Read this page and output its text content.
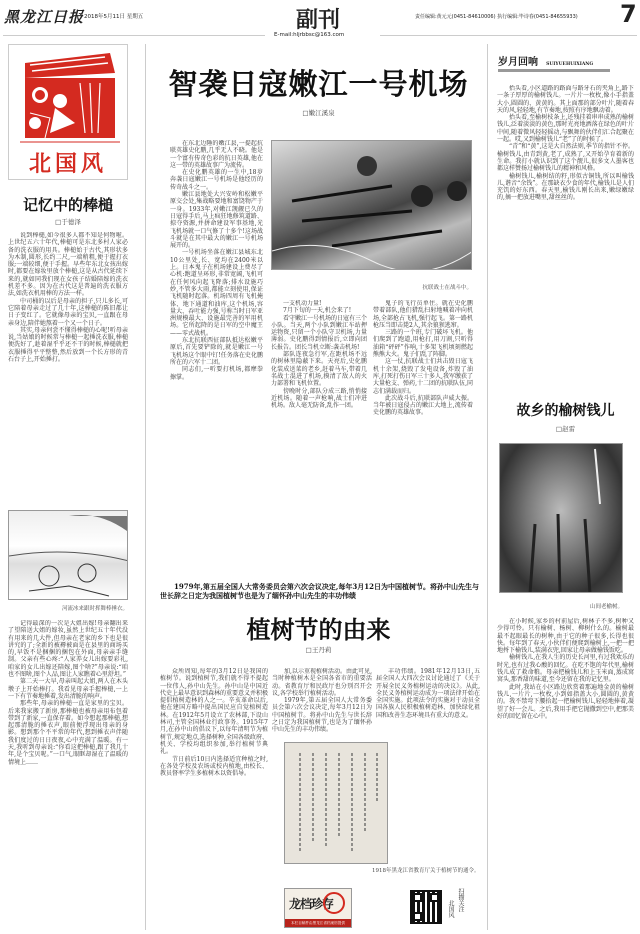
黑龙江日报 2018年5月11日 星期五	副刊
E-mail:hljrbbsc@163.com
责任编辑:黄元元(0451-84610006) 执行编辑:毕诗春(0451-84655933) 7
北国风
记忆中的棒槌
□于德泽

说到棒槌,如今很多人都不知是何物啦。上世纪五六十年代,棒槌可是东北多村人家必备的洗衣服的用具。棒槌始于古代,其形状多为木制,圆形,长约二尺,一端稍粗,便于握打衣服;一端较细,便于手握。早些年东北女孩出嫁时,都要在嫁妆里放个棒槌,这是从古代延续下来的,就如同我们现在女孩子结婚陪嫁的洗衣机差不多。因为在古代这是普遍的洗衣服方法,如洗衣机用棒的方法一样。

中司桶的以后是母亲的担子,只儿多长,可它陪着母亲走过了几十年,这棒槌的陈旧都让日子变红了。它就像母亲的宝贝,一直跟在母亲身边,陪伴她熬着一个又一个日子。

其实,母亲何尝不懂得棒槌的心呢!听母亲说,当姑娘的时候常与棒槌一起捶洗衣服,棒槌便洗好了,趁着湿乎乎还不干的时候,棒槌就把衣服捶得平平整整,然后放到一个长方形的青石台子上,开始捶打。

河流冰来跟时挥舞棒捶衣。

记得最深的一次是大姐出嫁!母亲翻出来了望陪送大姐的嫁妆,虽然上世纪五十年代没有用来的几大件,但母亲在老家的乡下也是很讲究的了;全新的被褥被面是在县里的商场买的,早饭不是捆捆的捆包在外面,母亲亲手缝制。父亲有些心疼:“人家养女儿出嫁要彩礼,咱家的女儿出嫁还陪嫁,图个啥?”母亲说:“咱也不图啥,图个人品,图让人家瞧着心里舒坦。”

第二天一大早,母亲叫起大姐,两人在木头墩子上开始棒打。我看见母亲手握棒槌,一上一下有节奏地捶着,发出清脆的响声。

那些年,母亲的棒槌一直是家里的宝贝。后来我家搬了新房,那棒槌也被母亲用布包着带到了新家,一直保存着。如今想起那棒槌,想起那清脆的捶衣声,眼前便浮现出母亲的身影。想到那个不平常的年代,想到捶衣声伴随我们度过的日日夜夜,心中充满了温暖。有一天,我听到母亲说:“你看这把棒槌,跟了我几十年,是个宝贝呢。”一口气,眼眶却湿在了温暖的情境上……

智袭日寇嫩江一号机场
□嫩江溪泉

在东北边陲的嫩江县,一提起抗联英雄史化鹏,几乎无人不晓。他是一个富有传奇色彩的抗日英雄,他在这一带的英雄故事广为流传。

在史化鹏英雄的一生中,18岁奔袭日寇嫩江一号机场是他经历的传奇战斗之一。

嫩江县地处大兴安岭和松嫩平原交会处,集战略要地和富饶物产于一身。1933年,对嫩江觊觎已久的日寇得手后,马上疯狂地修筑道路、掠夺资源,并拼命建设军事基地,光飞机场就一口气修了十多个!这场战斗就是在其中最大的嫩江一号机场展开的。

一号机场坐落在嫩江县城东北10公里处,长、宽均在2400米以上。日本鬼子在机场建设上费尽了心机:跑道呈环形,非常宽阔,飞机可在任何风向起飞降落;排水设施巧妙,不管多大雨,都能立刻使用,保证飞机随时起落。机场四周有飞机掩体、地下通道和油库,这个机场,容量大、吞吐能力强,号称当时日军亚洲规模最大、设施最完善的军用机场。它所起降的是日军的空中魔王——零式战机。

东北抗联西征部队抵达松嫩平原后,首先要铲除的,就是嫩江一号飞机场这个眼中钉!任务落在史化鹏所在的六军十二团。

同志们,一听要打机场,都摩拳擦掌。

抗联战士在战斗中。

一支机动力量!

7月下旬的一天,机会来了!

看守嫩江一号机场的日寇有三个小队。当天,两个小队到嫩江车站押运物资,只留一个小队守卫机场,力量薄弱。史化鹏得到情报后,立即向团长报告。团长当机立断:袭击机场!

部队连夜急行军,在距机场不远的树林里隐蔽下来。天亮后,史化鹏化装成送菜的老乡,赶着马车,带着几名战士混进了机场,摸清了敌人的火力部署和飞机位置。

傍晚时分,部队分成三路,悄悄接近机场。随着一声枪响,战士们冲进机场。敌人毫无防备,乱作一团。

鬼子的飞行员单住。就在史化鹏带着部队,他们猎乱扫射地喊着冲向机场,全部抢占飞机,强行起飞。第一路机枪压当即击毙2人,其余狼狈逃窜。

三路的一个班,专门破坏飞机。他们爬到了跑道,用枪打,用刀割,只听得油箱“砰砰”作响,十多架飞机顷刻燃起熊熊大火。鬼子们乱了阵脚。

这一仗,抗联战士们共击毁日寇飞机十余架,烧毁了发电设备,炸毁了油库,打死打伤日军三十多人,我军缴获了大量枪支、弹药,十二团的抗联队伍,同志们满载而归。

此次战斗后,抗联部队声威大振。当年被日寇侵占的嫩江大地上,流传着史化鹏的英雄故事。

1979年,第五届全国人大常务委员会第六次会议决定,每年3月12日为中国植树节。将孙中山先生与世长辞之日定为我国植树节也是为了缅怀孙中山先生的丰功伟绩
植树节的由来
□王丹莉

众所周知,每年的3月12日是我国的植树节。说到植树节,我们就不得不提起一位伟人,孙中山先生。孙中山是中国近代史上最早意识到森林的重要意义并积极提倡植树造林的人之一。辛亥革命以后,他在建国方略中提出国民应自觉植树造林。在1912年5月设立了农林部,下设山林司,主管全国林业行政事务。1915年7月,在孙中山的倡议下,以每年清明节为植树节,规定地点,选择树种,全国各级政府、机关、学校均组织参加,举行植树节典礼。

节日前后10日内选择适宜种植之时,在各处学校及农场或校内植地,由校长、教员督率学生多植树木以资倡导。

加,以示重视植树活动。由此可见,当时种植树木是全国各省市的重要活动。省教育厅和民政厅也分别召开会议,各学校举行植树活动。

1979年,第五届全国人大常务委员会第六次会议决定,每年3月12日为中国植树节。将孙中山先生与世长辞之日定为我国植树节,也是为了缅怀孙中山先生的丰功伟绩。

丰功伟绩。1981年12月13日,五届全国人大四次会议讨论通过了《关于开展全民义务植树运动的决议》。从此,全民义务植树运动成为一项法律开始在全国实施。此项法令的实施对于动员全国各族人民积极植树造林、加快绿化祖国和改善生态环境具有重大的意义。

1918年黑龙江省教育厅关于植树节的通令。
龙档珍存
本栏目稿件由黑龙江省档案馆提供
扫描关注
北国风
岁月回响 SUIYUEHUIXIANG

抬头看,小区道路的路面与路牙石的夹角上,路下一条子厚厚的榆树钱儿。一片片一枚枚,像小手指盖大小,圆圆的、黄黄的。其上面那的部分叶片,随着春天的风,轻轻地,有节奏地,按照有序地飘动着。

抬头看,至榆树枝条上,还残挂着串串成熟的榆树钱儿,泛着淡淡的黄色,那时光亮地洒落在绿色的叶片中间,随着微风轻轻摇动,与飘舞的伙伴们汇合起聚在一起。哎,又到榆树钱儿“老”了的时候了。

“青”和“黄”,这是大自然法则,季节的指针不停。榆树钱儿,由青到黄,老了,成熟了,又开始孕育着新的生命。我打小就认识到了这个靓儿,很多文人墨客也都这样赞扬过榆树钱儿的精神和风格。

榆树钱儿,榆树结的籽,形似古铜钱,所以叫榆钱儿,谐音“余钱”。在那缺衣少食的年代,榆钱儿是人们充饥的好东西。春天里,榆钱儿刚长出来,嫩绿嫩绿的,摘一把放进嘴里,甜丝丝的。

故乡的榆树钱儿
□赵雷
山间老榆树。

在小时候,家乡的村前屋后,树林子不多,树种又少得可怜。只有榆树、杨树、柳树什么的。榆树最最不起眼最长的树种,由于它的种子很多,长得也很快。每年到了春天,小伙伴们便爬到榆树上,一把一把地捋下榆钱儿,装满衣兜,回家让母亲做榆钱饭吃。

榆树钱儿,在我人生的历史长河里,有过我欢乐的时光,也有过我心酸的回忆。在吃不饱的年代里,榆树钱儿成了救命粮。母亲把榆钱儿和上玉米面,蒸成窝窝头,那香甜的味道,至今还留在我的记忆里。

此时,我站在小区路边欣赏着那遍地金黄的榆树钱儿,一片片,一枚枚,小到如指盖大小,圆圆的,黄黄的。我不禁弯下腰拾起一把榆树钱儿,轻轻地捧着,凝望了好一会儿。之后,我用手把它抛撒到空中,把那美好的回忆留在心中。
